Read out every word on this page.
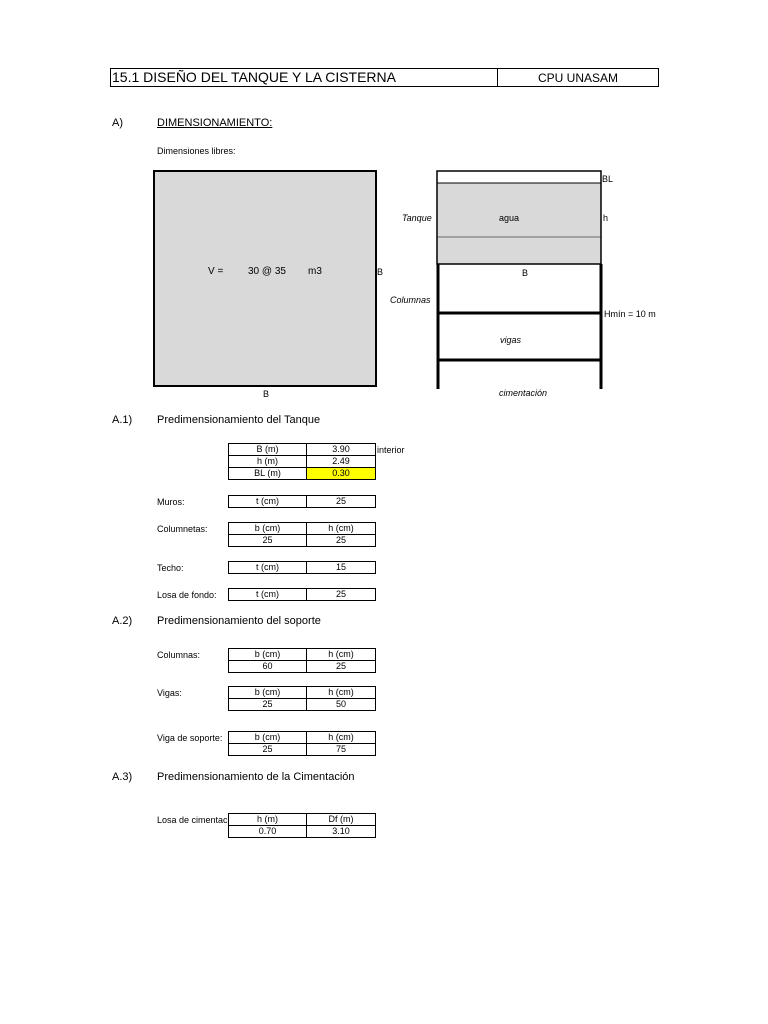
15.1 DISEÑO DEL TANQUE Y LA CISTERNA	CPU UNASAM
A)	DIMENSIONAMIENTO:
Dimensiones libres:
V = 30 @ 35 m3	B
B
BL
Tanque	agua	h
B
Columnas
Hmín = 10 m
vigas
cimentación
A.1) Predimensionamiento del Tanque
B (m)	3.90
h (m)	2.49
BL (m)	0.30
interior
Muros:	t (cm)	25
Columnetas:	b (cm)	h (cm)
25	25
Techo:	t (cm)	15
Losa de fondo:	t (cm)	25
A.2) Predimensionamiento del soporte
Columnas:	b (cm)	h (cm)
60	25
Vigas:	b (cm)	h (cm)
25	50
Viga de soporte:	b (cm)	h (cm)
25	75
A.3) Predimensionamiento de la Cimentación
Losa de cimentac	h (m)	Df (m)
0.70	3.10
